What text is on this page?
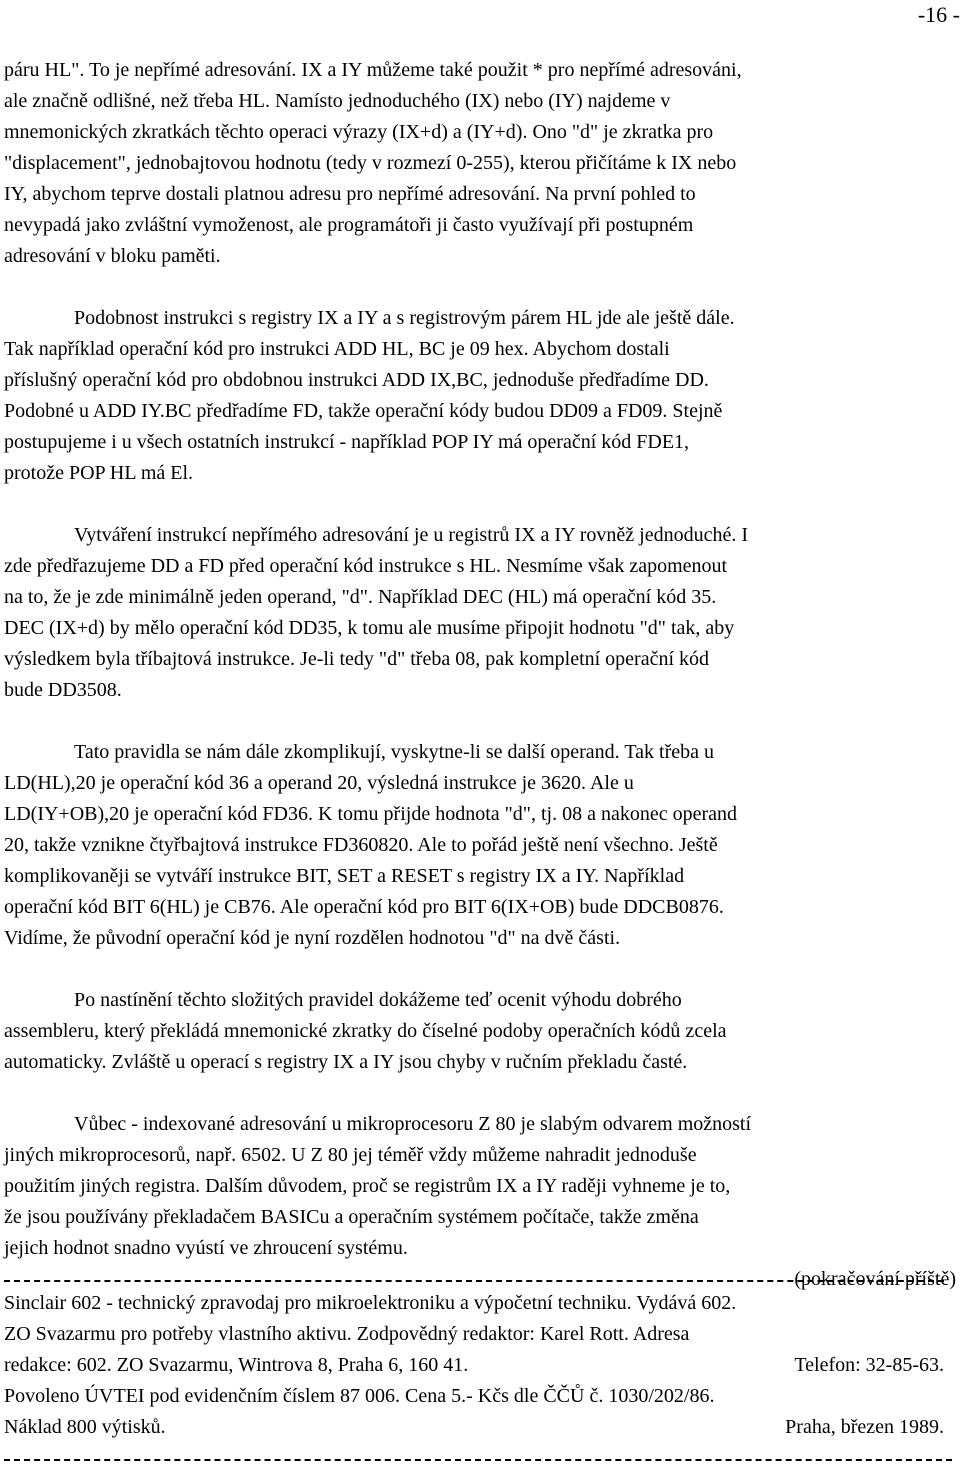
-16 -
páru HL". To je nepřímé adresování. IX a IY můžeme také použit * pro nepřímé adresováni,
ale značně odlišné, než třeba HL. Namísto jednoduchého (IX) nebo (IY) najdeme v
mnemonických zkratkách těchto operaci výrazy (IX+d) a (IY+d). Ono "d" je zkratka pro
"displacement", jednobajtovou hodnotu (tedy v rozmezí 0-255), kterou přičítáme k IX nebo
IY, abychom teprve dostali platnou adresu pro nepřímé adresování. Na první pohled to
nevypadá jako zvláštní vymoženost, ale programátoři ji často využívají při postupném
adresování v bloku paměti.
Podobnost instrukci s registry IX a IY a s registrovým párem HL jde ale ještě dále.
Tak například operační kód pro instrukci ADD HL, BC je 09 hex. Abychom dostali
příslušný operační kód pro obdobnou instrukci ADD IX,BC, jednoduše předřadíme DD.
Podobné u ADD IY.BC předřadíme FD, takže operační kódy budou DD09 a FD09. Stejně
postupujeme i u všech ostatních instrukcí - například POP IY má operační kód FDE1,
protože POP HL má El.
Vytváření instrukcí nepřímého adresování je u registrů IX a IY rovněž jednoduché. I
zde předřazujeme DD a FD před operační kód instrukce s HL. Nesmíme však zapomenout
na to, že je zde minimálně jeden operand, "d". Například DEC (HL) má operační kód 35.
DEC (IX+d) by mělo operační kód DD35, k tomu ale musíme připojit hodnotu "d" tak, aby
výsledkem byla tříbajtová instrukce. Je-li tedy "d" třeba 08, pak kompletní operační kód
bude DD3508.
Tato pravidla se nám dále zkomplikují, vyskytne-li se další operand. Tak třeba u
LD(HL),20 je operační kód 36 a operand 20, výsledná instrukce je 3620. Ale u
LD(IY+OB),20 je operační kód FD36. K tomu přijde hodnota "d", tj. 08 a nakonec operand
20, takže vznikne čtyřbajtová instrukce FD360820. Ale to pořád ještě není všechno. Ještě
komplikovaněji se vytváří instrukce BIT, SET a RESET s registry IX a IY. Například
operační kód BIT 6(HL) je CB76. Ale operační kód pro BIT 6(IX+OB) bude DDCB0876.
Vidíme, že původní operační kód je nyní rozdělen hodnotou "d" na dvě části.
Po nastínění těchto složitých pravidel dokážeme teď ocenit výhodu dobrého
assembleru, který překládá mnemonické zkratky do číselné podoby operačních kódů zcela
automaticky. Zvláště u operací s registry IX a IY jsou chyby v ručním překladu časté.
Vůbec - indexované adresování u mikroprocesoru Z 80 je slabým odvarem možností
jiných mikroprocesorů, např. 6502. U Z 80 jej téměř vždy můžeme nahradit jednoduše
použitím jiných registra. Dalším důvodem, proč se registrům IX a IY raději vyhneme je to,
že jsou používány překladačem BASICu a operačním systémem počítače, takže změna
jejich hodnot snadno vyústí ve zhroucení systému.
(pokračování příště)
Sinclair 602 - technický zpravodaj pro mikroelektroniku a výpočetní techniku. Vydává 602.
ZO Svazarmu pro potřeby vlastního aktivu. Zodpovědný redaktor: Karel Rott. Adresa
redakce: 602. ZO Svazarmu, Wintrova 8, Praha 6, 160 41.	Telefon: 32-85-63.
Povoleno ÚVTEI pod evidenčním číslem 87 006. Cena 5.- Kčs dle ČČŮ č. 1030/202/86.
Náklad 800 výtisků.	Praha, březen 1989.
